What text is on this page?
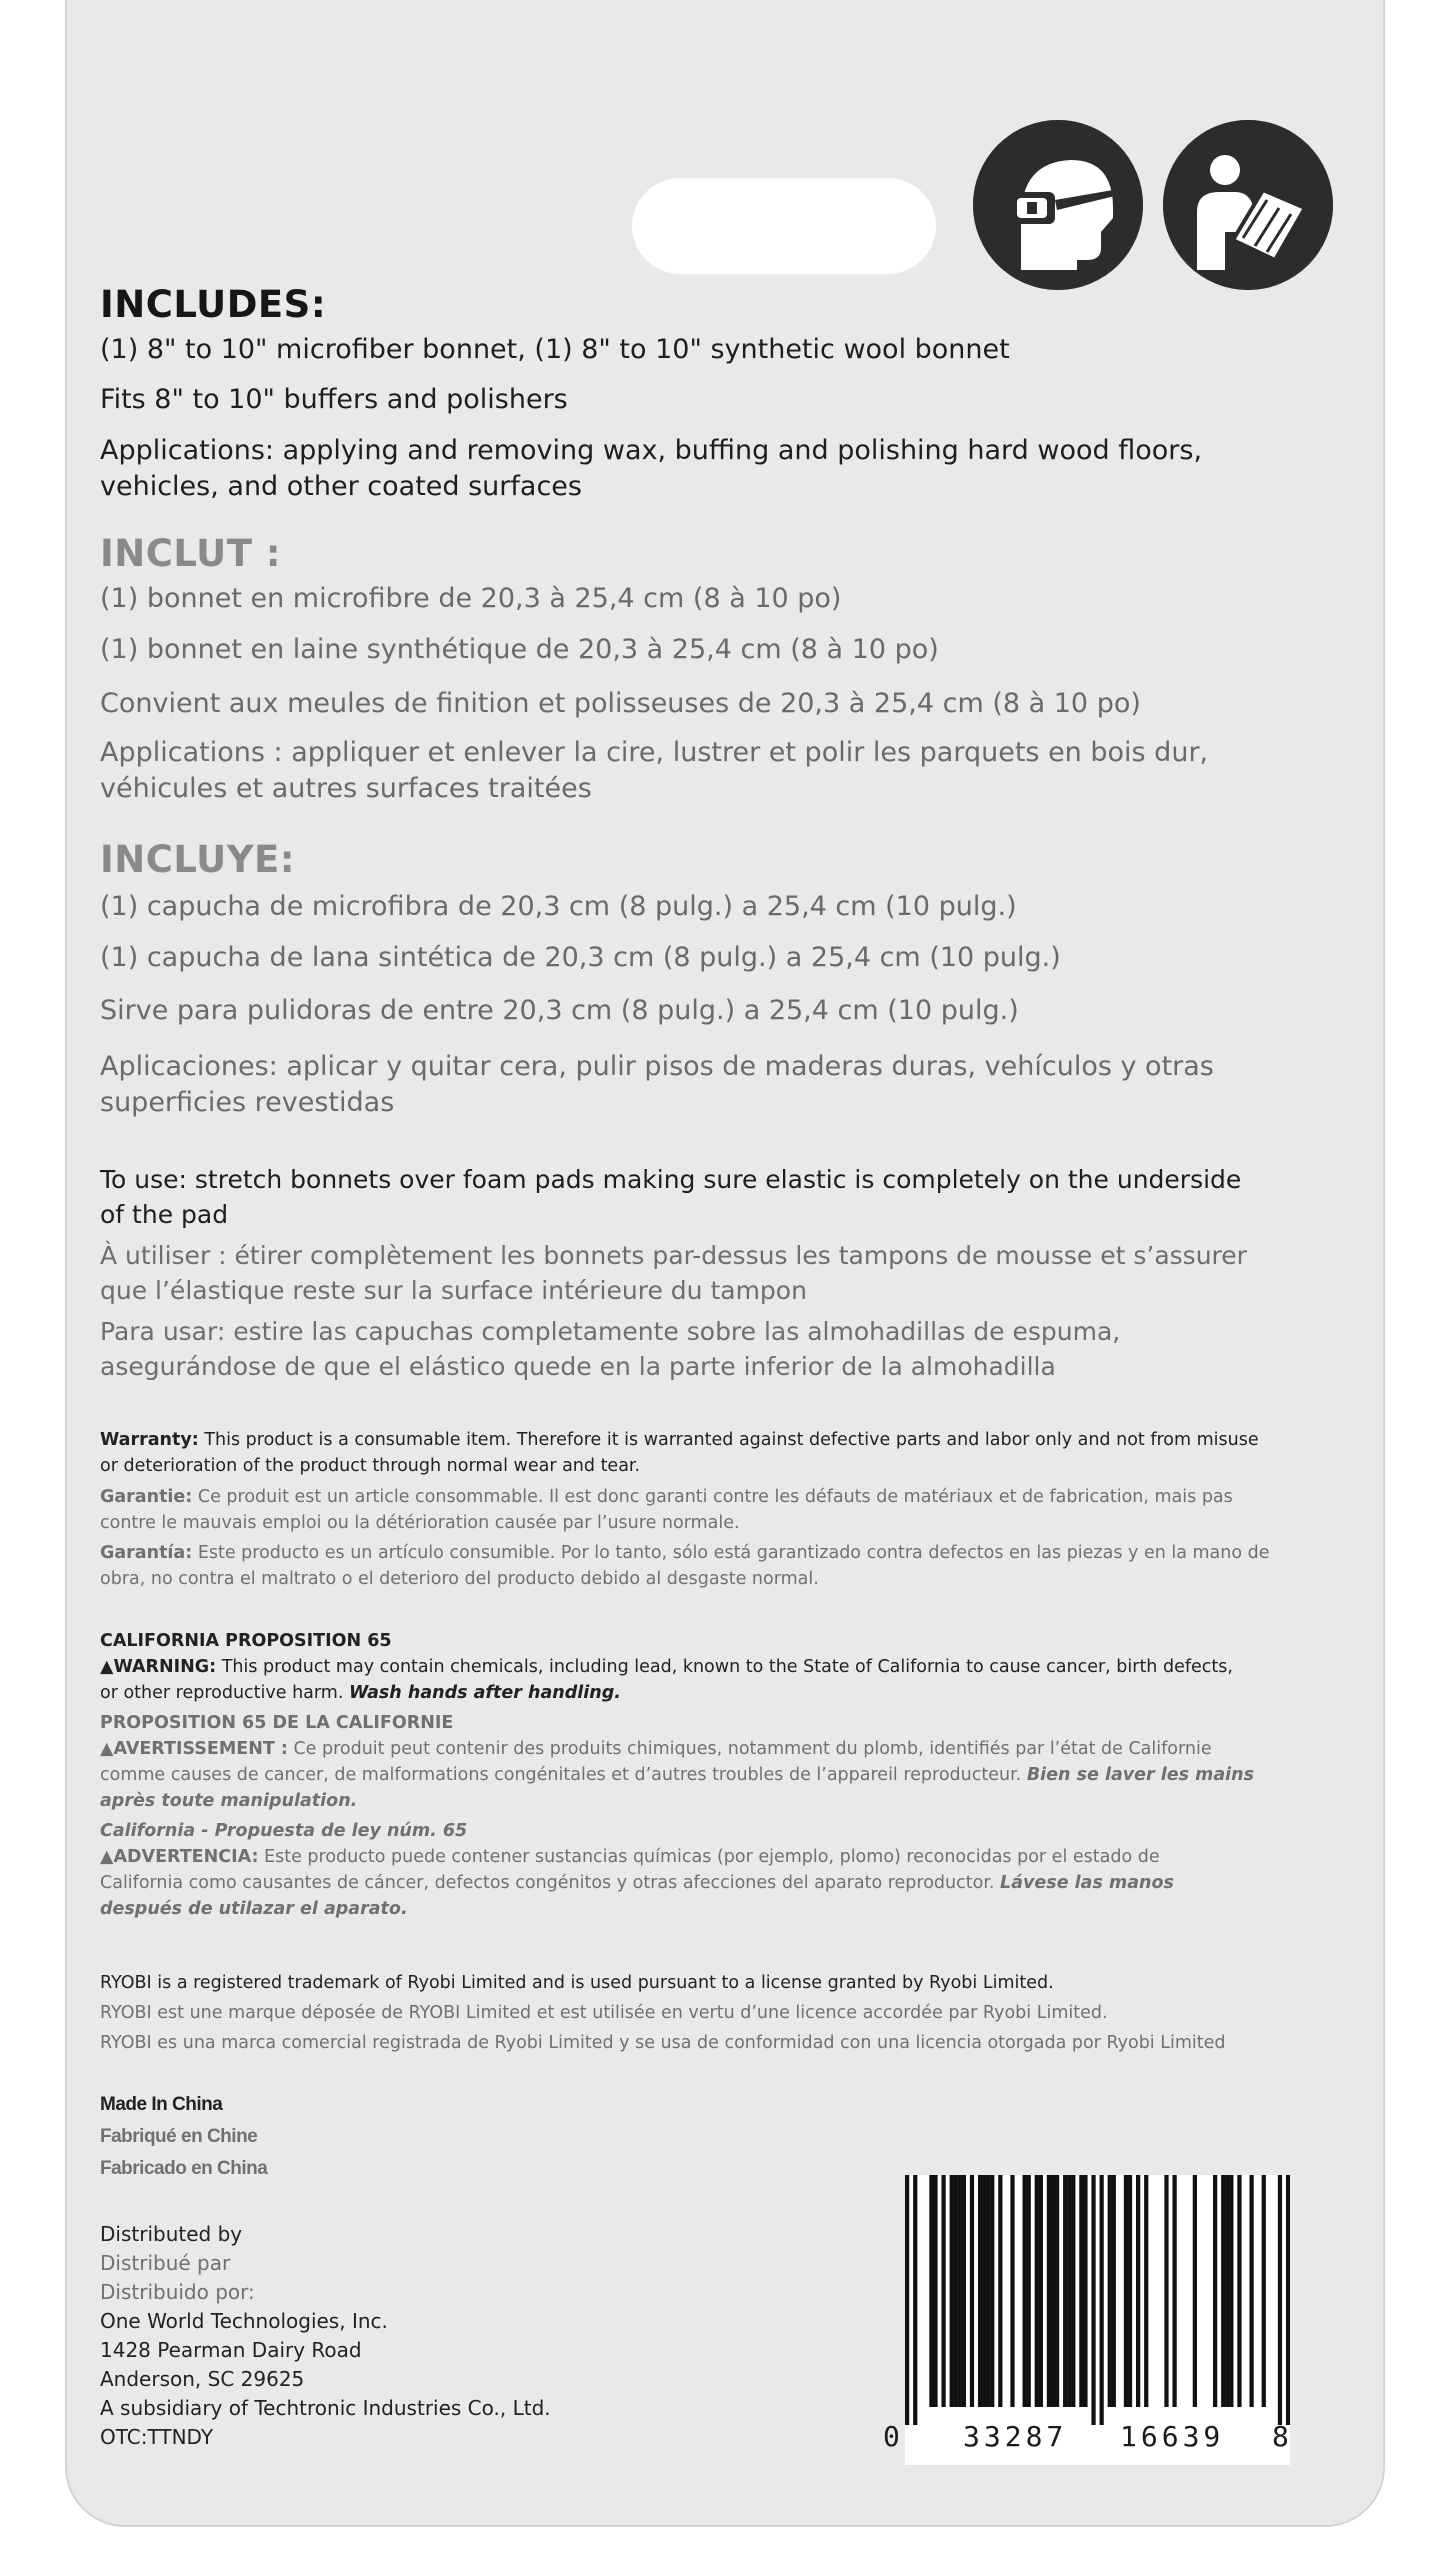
INCLUDES:
(1) 8" to 10" microfiber bonnet, (1) 8" to 10" synthetic wool bonnet
Fits 8" to 10" buffers and polishers
Applications: applying and removing wax, buffing and polishing hard wood floors,
vehicles, and other coated surfaces
INCLUT :
(1) bonnet en microfibre de 20,3 à 25,4 cm (8 à 10 po)
(1) bonnet en laine synthétique de 20,3 à 25,4 cm (8 à 10 po)
Convient aux meules de finition et polisseuses de 20,3 à 25,4 cm (8 à 10 po)
Applications : appliquer et enlever la cire, lustrer et polir les parquets en bois dur,
véhicules et autres surfaces traitées
INCLUYE:
(1) capucha de microfibra de 20,3 cm (8 pulg.) a 25,4 cm (10 pulg.)
(1) capucha de lana sintética de 20,3 cm (8 pulg.) a 25,4 cm (10 pulg.)
Sirve para pulidoras de entre 20,3 cm (8 pulg.) a 25,4 cm (10 pulg.)
Aplicaciones: aplicar y quitar cera, pulir pisos de maderas duras, vehículos y otras
superficies revestidas
To use: stretch bonnets over foam pads making sure elastic is completely on the underside
of the pad
À utiliser : étirer complètement les bonnets par-dessus les tampons de mousse et s’assurer
que l’élastique reste sur la surface intérieure du tampon
Para usar: estire las capuchas completamente sobre las almohadillas de espuma,
asegurándose de que el elástico quede en la parte inferior de la almohadilla
Warranty: This product is a consumable item. Therefore it is warranted against defective parts and labor only and not from misuse
or deterioration of the product through normal wear and tear.
Garantie: Ce produit est un article consommable. Il est donc garanti contre les défauts de matériaux et de fabrication, mais pas
contre le mauvais emploi ou la détérioration causée par l’usure normale.
Garantía: Este producto es un artículo consumible. Por lo tanto, sólo está garantizado contra defectos en las piezas y en la mano de
obra, no contra el maltrato o el deterioro del producto debido al desgaste normal.
CALIFORNIA PROPOSITION 65
▲WARNING: This product may contain chemicals, including lead, known to the State of California to cause cancer, birth defects,
or other reproductive harm. Wash hands after handling.
PROPOSITION 65 DE LA CALIFORNIE
▲AVERTISSEMENT : Ce produit peut contenir des produits chimiques, notamment du plomb, identifiés par l’état de Californie
comme causes de cancer, de malformations congénitales et d’autres troubles de l’appareil reproducteur. Bien se laver les mains
après toute manipulation.
California - Propuesta de ley núm. 65
▲ADVERTENCIA: Este producto puede contener sustancias químicas (por ejemplo, plomo) reconocidas por el estado de
California como causantes de cáncer, defectos congénitos y otras afecciones del aparato reproductor. Lávese las manos
después de utilazar el aparato.
RYOBI is a registered trademark of Ryobi Limited and is used pursuant to a license granted by Ryobi Limited.
RYOBI est une marque déposée de RYOBI Limited et est utilisée en vertu d’une licence accordée par Ryobi Limited.
RYOBI es una marca comercial registrada de Ryobi Limited y se usa de conformidad con una licencia otorgada por Ryobi Limited
Made In China
Fabriqué en Chine
Fabricado en China
Distributed by
Distribué par
Distribuido por:
One World Technologies, Inc.
1428 Pearman Dairy Road
Anderson, SC 29625
A subsidiary of Techtronic Industries Co., Ltd.
OTC:TTNDY	0 33287 16639 8
